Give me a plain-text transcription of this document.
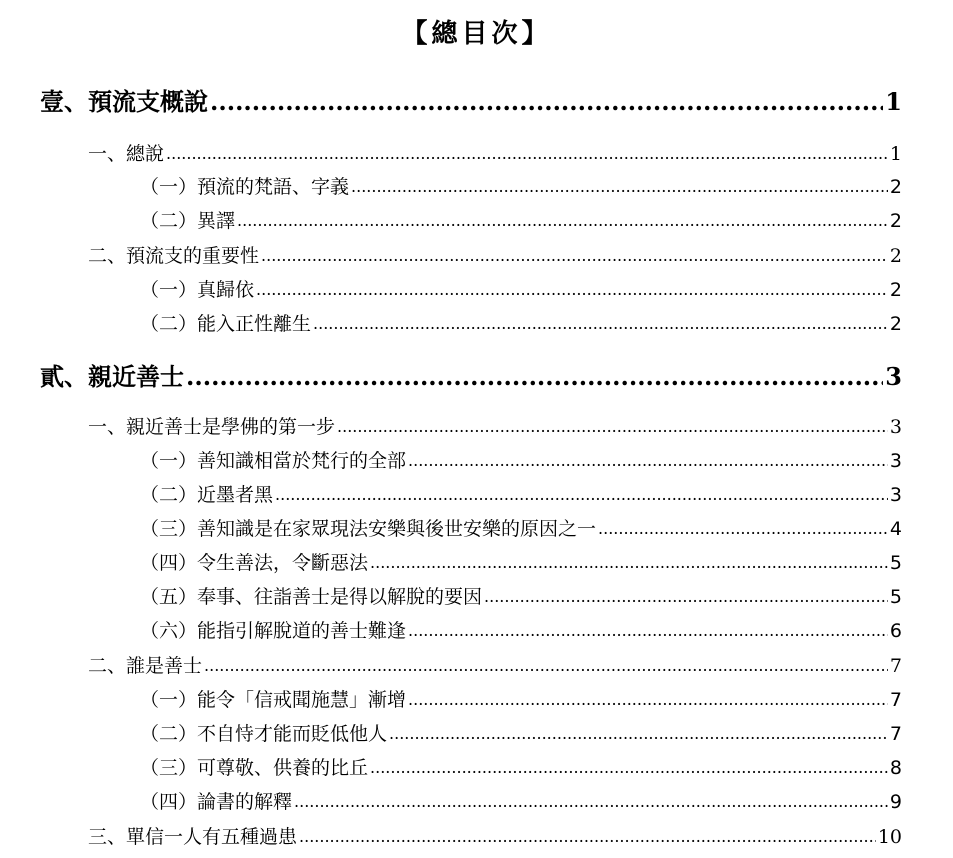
【總目次】
壹、預流支概說 .....	1
一、總說 .....	1
（一）預流的梵語、字義 .....	2
（二）異譯 .....	2
二、預流支的重要性 .....	2
（一）真歸依 .....	2
（二）能入正性離生 .....	2
貳、親近善士 .....	3
一、親近善士是學佛的第一步 .....	3
（一）善知識相當於梵行的全部 .....	3
（二）近墨者黑 .....	3
（三）善知識是在家眾現法安樂與後世安樂的原因之一 .....	4
（四）令生善法，令斷惡法 .....	5
（五）奉事、往詣善士是得以解脫的要因 .....	5
（六）能指引解脫道的善士難逢 .....	6
二、誰是善士 .....	7
（一）能令「信戒聞施慧」漸增 .....	7
（二）不自恃才能而貶低他人 .....	7
（三）可尊敬、供養的比丘 .....	8
（四）論書的解釋 .....	9
三、單信一人有五種過患 .....	10
